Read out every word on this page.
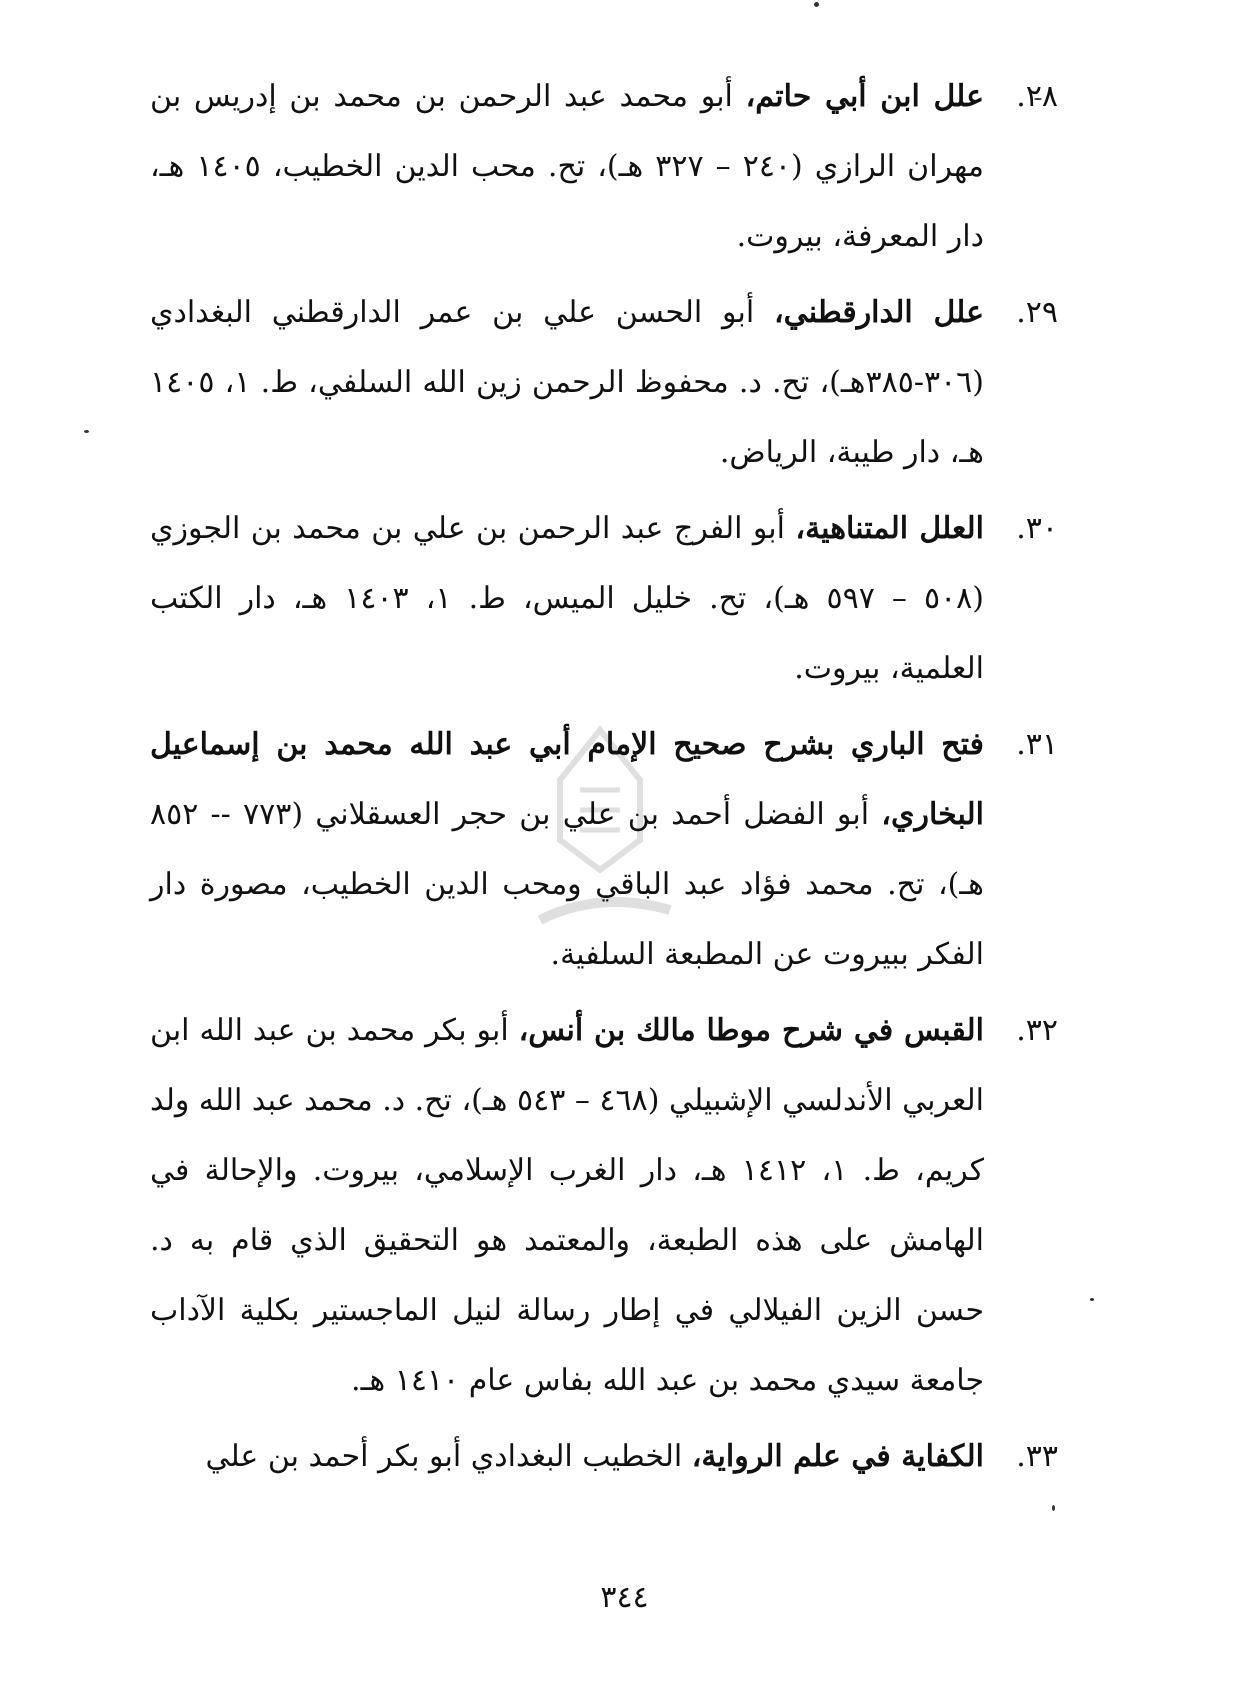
٢٨.
علل ابن أبي حاتم، أبو محمد عبد الرحمن بن محمد بن إدريس بن مهران الرازي (٢٤٠ – ٣٢٧ هـ)، تح. محب الدين الخطيب، ١٤٠٥ هـ، دار المعرفة، بيروت.
٢٩.
علل الدارقطني، أبو الحسن علي بن عمر الدارقطني البغدادي (٣٠٦-٣٨٥هـ)، تح. د. محفوظ الرحمن زين الله السلفي، ط. ١، ١٤٠٥ هـ، دار طيبة، الرياض.
٣٠.
العلل المتناهية، أبو الفرج عبد الرحمن بن علي بن محمد بن الجوزي (٥٠٨ – ٥٩٧ هـ)، تح. خليل الميس، ط. ١، ١٤٠٣ هـ، دار الكتب العلمية، بيروت.
٣١.
فتح الباري بشرح صحيح الإمام أبي عبد الله محمد بن إسماعيل البخاري، أبو الفضل أحمد بن علي بن حجر العسقلاني (٧٧٣ -- ٨٥٢ هـ)، تح. محمد فؤاد عبد الباقي ومحب الدين الخطيب، مصورة دار الفكر ببيروت عن المطبعة السلفية.
٣٢.
القبس في شرح موطا مالك بن أنس، أبو بكر محمد بن عبد الله ابن العربي الأندلسي الإشبيلي (٤٦٨ – ٥٤٣ هـ)، تح. د. محمد عبد الله ولد كريم، ط. ١، ١٤١٢ هـ، دار الغرب الإسلامي، بيروت. والإحالة في الهامش على هذه الطبعة، والمعتمد هو التحقيق الذي قام به د. حسن الزين الفيلالي في إطار رسالة لنيل الماجستير بكلية الآداب جامعة سيدي محمد بن عبد الله بفاس عام ١٤١٠ هـ.
٣٣.
الكفاية في علم الرواية، الخطيب البغدادي أبو بكر أحمد بن علي
٣٤٤
